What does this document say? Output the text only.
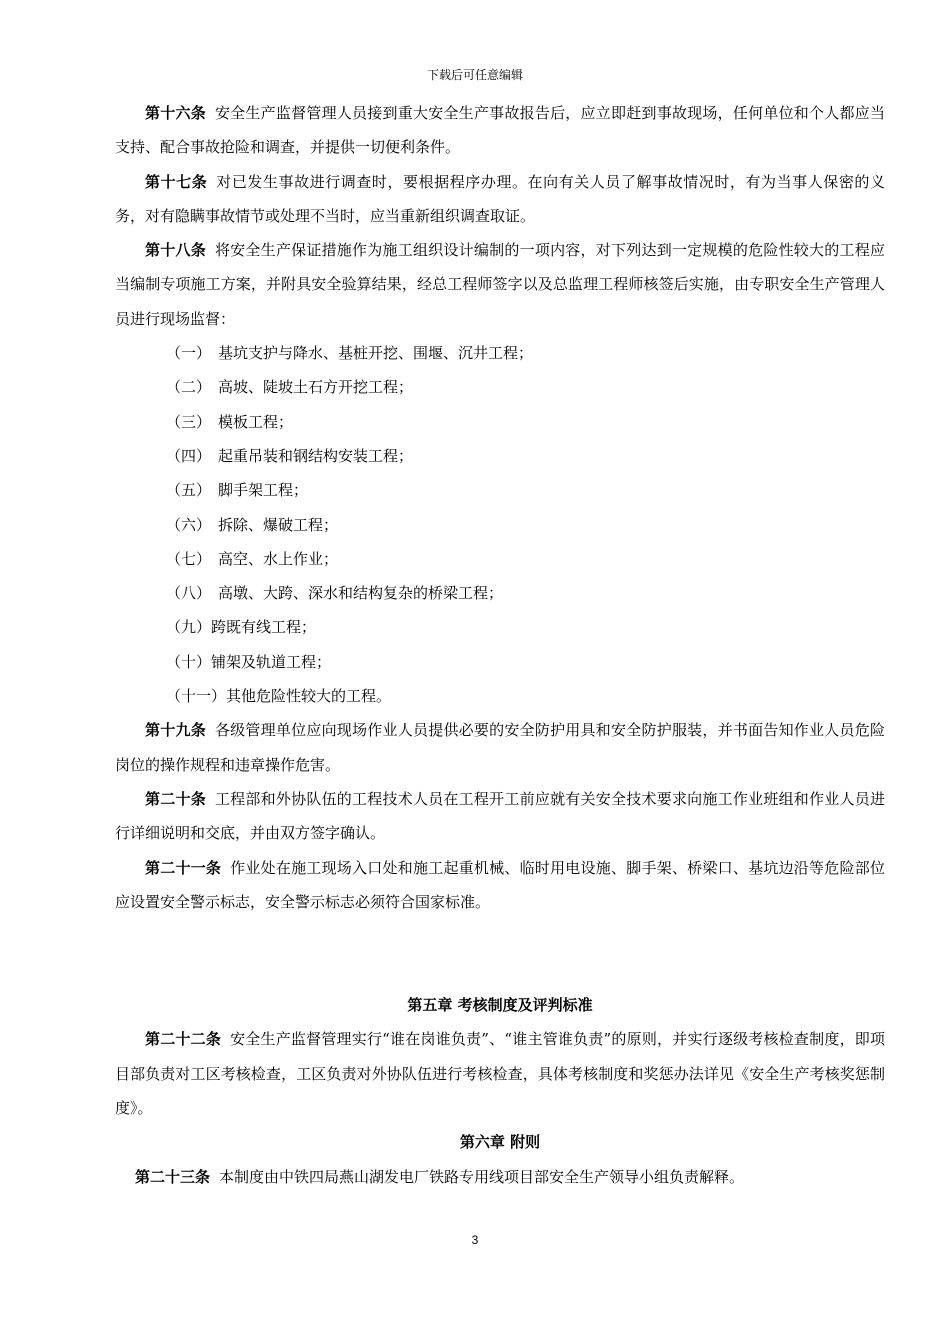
下载后可任意编辑

第十六条 安全生产监督管理人员接到重大安全生产事故报告后，应立即赶到事故现场，任何单位和个人都应当支持、配合事故抢险和调查，并提供一切便利条件。

第十七条 对已发生事故进行调查时，要根据程序办理。在向有关人员了解事故情况时，有为当事人保密的义务，对有隐瞒事故情节或处理不当时，应当重新组织调查取证。

第十八条 将安全生产保证措施作为施工组织设计编制的一项内容，对下列达到一定规模的危险性较大的工程应当编制专项施工方案，并附具安全验算结果，经总工程师签字以及总监理工程师核签后实施，由专职安全生产管理人员进行现场监督：

（一） 基坑支护与降水、基桩开挖、围堰、沉井工程；

（二） 高坡、陡坡土石方开挖工程；

（三） 模板工程；

（四） 起重吊装和钢结构安装工程；

（五） 脚手架工程；

（六） 拆除、爆破工程；

（七） 高空、水上作业；

（八） 高墩、大跨、深水和结构复杂的桥梁工程；

（九）跨既有线工程；

（十）铺架及轨道工程；

（十一）其他危险性较大的工程。

第十九条 各级管理单位应向现场作业人员提供必要的安全防护用具和安全防护服装，并书面告知作业人员危险岗位的操作规程和违章操作危害。

第二十条 工程部和外协队伍的工程技术人员在工程开工前应就有关安全技术要求向施工作业班组和作业人员进行详细说明和交底，并由双方签字确认。

第二十一条 作业处在施工现场入口处和施工起重机械、临时用电设施、脚手架、桥梁口、基坑边沿等危险部位应设置安全警示标志，安全警示标志必须符合国家标准。

第五章 考核制度及评判标准

第二十二条 安全生产监督管理实行“谁在岗谁负责”、“谁主管谁负责”的原则，并实行逐级考核检查制度，即项目部负责对工区考核检查，工区负责对外协队伍进行考核检查，具体考核制度和奖惩办法详见《安全生产考核奖惩制度》。

第六章 附则

第二十三条 本制度由中铁四局燕山湖发电厂铁路专用线项目部安全生产领导小组负责解释。

3
